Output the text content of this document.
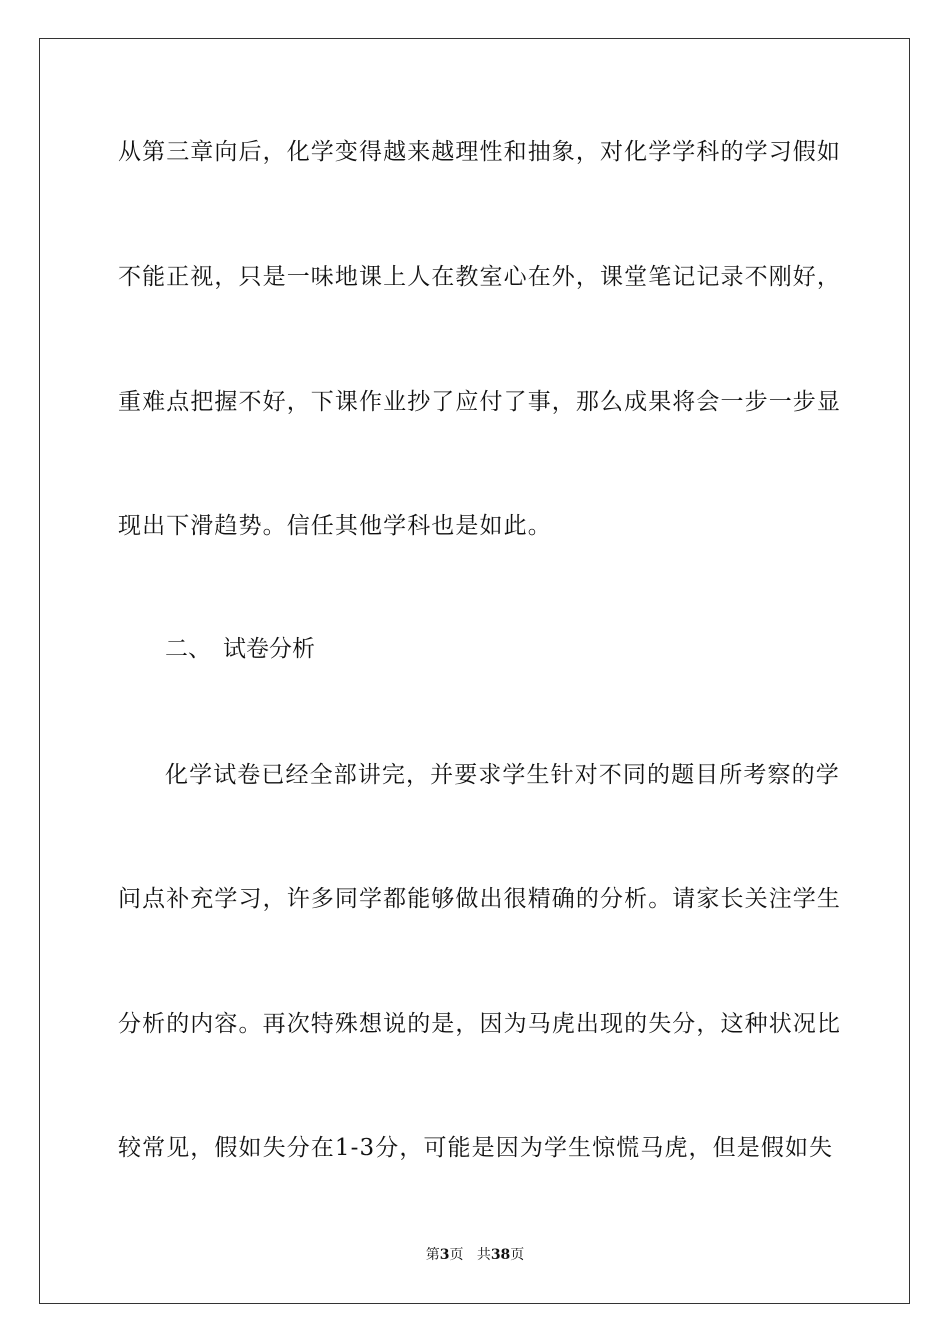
从第三章向后，化学变得越来越理性和抽象，对化学学科的学习假如
不能正视，只是一味地课上人在教室心在外，课堂笔记记录不刚好，
重难点把握不好，下课作业抄了应付了事，那么成果将会一步一步显
现出下滑趋势。信任其他学科也是如此。
二、 试卷分析
化学试卷已经全部讲完，并要求学生针对不同的题目所考察的学
问点补充学习，许多同学都能够做出很精确的分析。请家长关注学生
分析的内容。再次特殊想说的是，因为马虎出现的失分，这种状况比
较常见，假如失分在1-3分，可能是因为学生惊慌马虎，但是假如失
第3页 共38页
